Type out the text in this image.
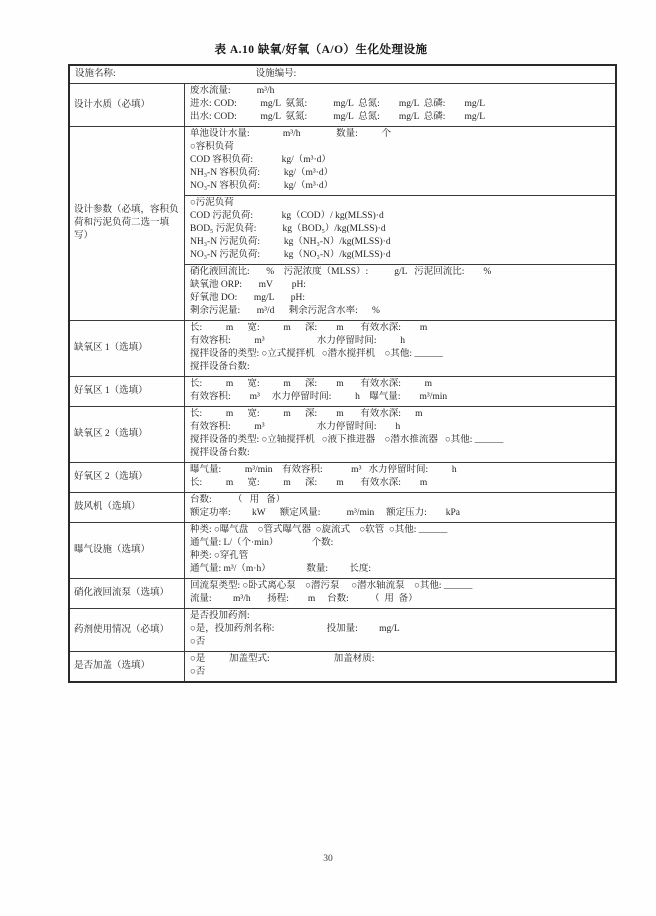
表 A.10 缺氧/好氧（A/O）生化处理设施
设施名称:	设施编号:
设计水质（必填）
废水流量:           m³/h
进水: COD:          mg/L  氨氮:           mg/L  总氮:        mg/L  总磷:        mg/L
出水: COD:          mg/L  氨氮:           mg/L  总氮:        mg/L  总磷:        mg/L
设计参数（必填，容积负荷和污泥负荷二选一填写）
单池设计水量:              m³/h               数量:          个
○容积负荷
COD 容积负荷:            kg/（m³·d）
NH₃-N 容积负荷:          kg/（m³·d）
NO₃-N 容积负荷:          kg/（m³·d）
○污泥负荷
COD 污泥负荷:            kg（COD）/ kg(MLSS)·d
BOD₅ 污泥负荷:           kg（BOD₅）/kg(MLSS)·d
NH₃-N 污泥负荷:          kg（NH₃-N）/kg(MLSS)·d
NO₃-N 污泥负荷:          kg（NO₃-N）/kg(MLSS)·d
硝化液回流比:       %    污泥浓度（MLSS）:           g/L   污泥回流比:        %
缺氧池 ORP:       mV        pH:
好氧池 DO:       mg/L       pH:
剩余污泥量:       m³/d      剩余污泥含水率:      %
缺氧区 1（选填）
长:          m      宽:          m      深:        m       有效水深:        m
有效容积:          m³                      水力停留时间:          h
搅拌设备的类型: ○立式搅拌机   ○潜水搅拌机    ○其他: ______
搅拌设备台数:
好氧区 1（选填）
长:          m      宽:          m      深:        m       有效水深:          m
有效容积:        m³     水力停留时间:          h    曝气量:        m³/min
缺氧区 2（选填）
长:          m      宽:          m      深:        m       有效水深:      m
有效容积:          m³                      水力停留时间:        h
搅拌设备的类型: ○立轴搅拌机   ○液下推进器    ○潜水推流器   ○其他: ______
搅拌设备台数:
好氧区 2（选填）
曝气量:          m³/min    有效容积:            m³   水力停留时间:          h
长:          m      宽:          m      深:        m       有效水深:        m
鼓风机（选填）
台数:         （   用   备）
额定功率:         kW      额定风量:           m³/min     额定压力:        kPa
曝气设施（选填）
种类: ○曝气盘    ○管式曝气器  ○旋流式    ○软管  ○其他: ______
通气量: L/（个·min）              个数:
种类: ○穿孔管
通气量: m³/（m·h）               数量:         长度:
硝化液回流泵（选填）
回流泵类型: ○卧式离心泵    ○潜污泵     ○潜水轴流泵    ○其他: ______
流量:         m³/h       扬程:        m     台数:         （  用  备）
药剂使用情况（必填）
是否投加药剂:
○是，投加药剂名称:                      投加量:         mg/L
○否
是否加盖（选填）
○是          加盖型式:                           加盖材质:
○否
30
